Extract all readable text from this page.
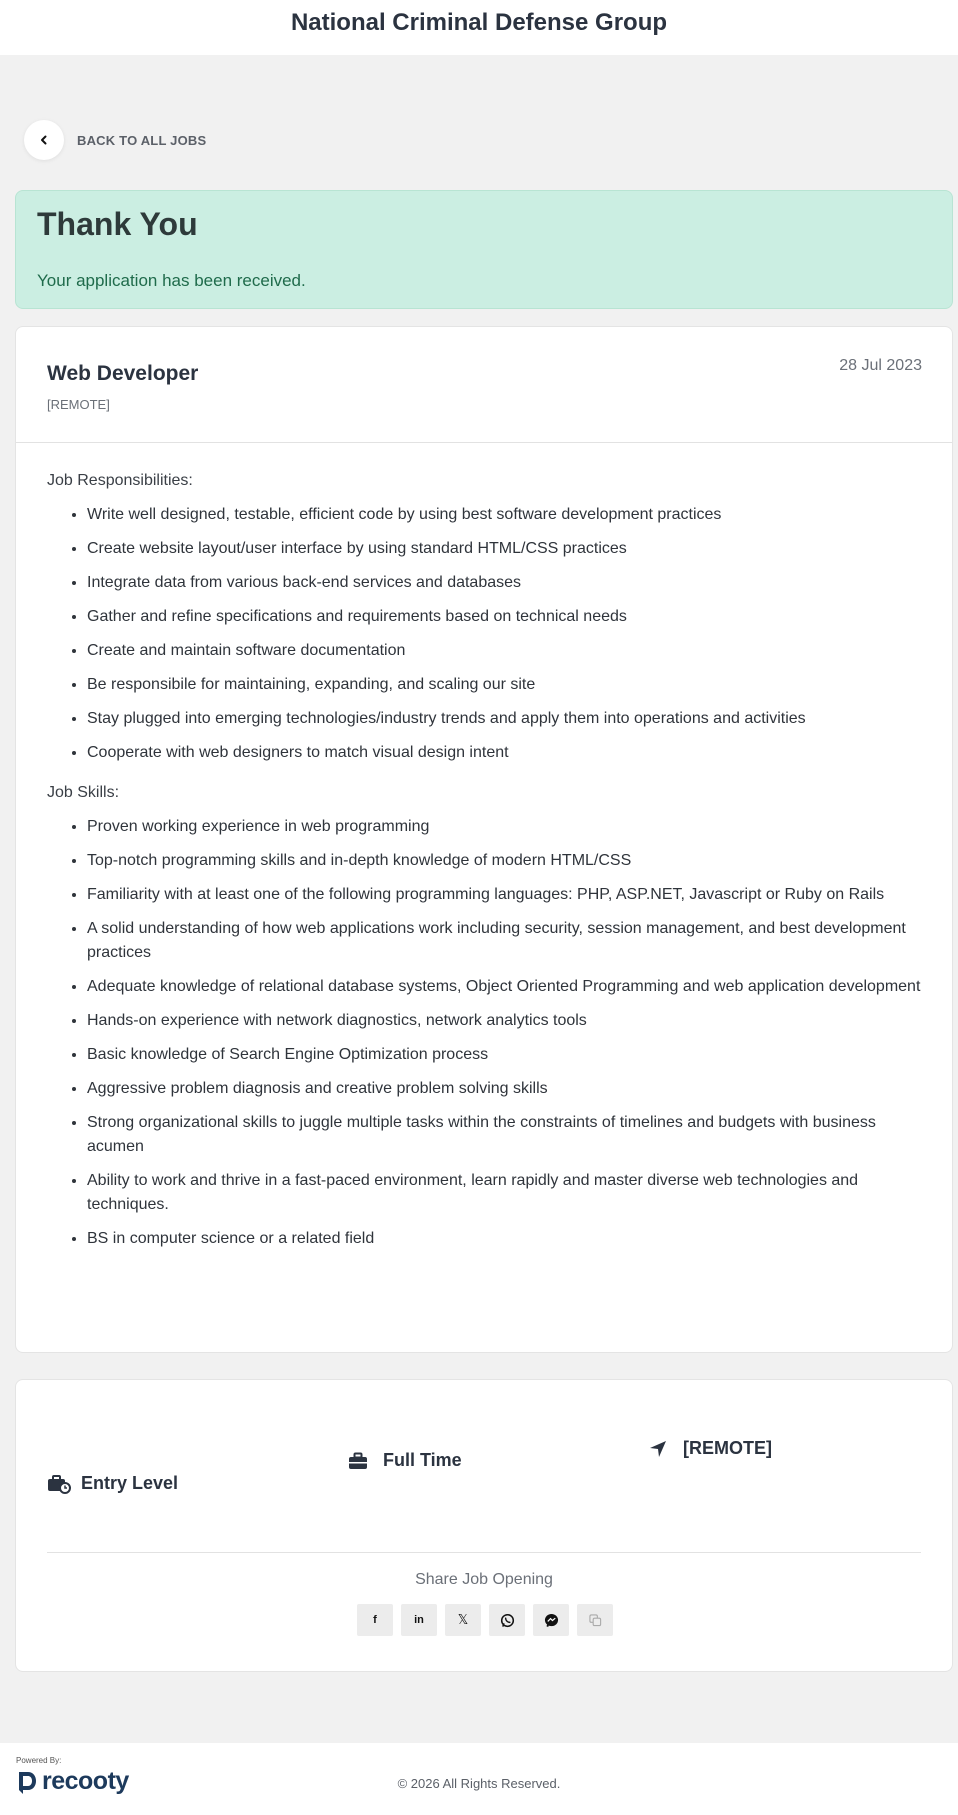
National Criminal Defense Group
BACK TO ALL JOBS
Thank You

Your application has been received.

Web Developer
[REMOTE]
28 Jul 2023
Job Responsibilities:
• Write well designed, testable, efficient code by using best software development practices
• Create website layout/user interface by using standard HTML/CSS practices
• Integrate data from various back-end services and databases
• Gather and refine specifications and requirements based on technical needs
• Create and maintain software documentation
• Be responsibile for maintaining, expanding, and scaling our site
• Stay plugged into emerging technologies/industry trends and apply them into operations and activities
• Cooperate with web designers to match visual design intent
Job Skills:
• Proven working experience in web programming
• Top-notch programming skills and in-depth knowledge of modern HTML/CSS
• Familiarity with at least one of the following programming languages: PHP, ASP.NET, Javascript or Ruby on Rails
• A solid understanding of how web applications work including security, session management, and best development practices
• Adequate knowledge of relational database systems, Object Oriented Programming and web application development
• Hands-on experience with network diagnostics, network analytics tools
• Basic knowledge of Search Engine Optimization process
• Aggressive problem diagnosis and creative problem solving skills
• Strong organizational skills to juggle multiple tasks within the constraints of timelines and budgets with business acumen
• Ability to work and thrive in a fast-paced environment, learn rapidly and master diverse web technologies and techniques.
• BS in computer science or a related field
Entry Level
Full Time
[REMOTE]
Share Job Opening
f	in	𝕏
Powered By:
recooty	© 2026 All Rights Reserved.
